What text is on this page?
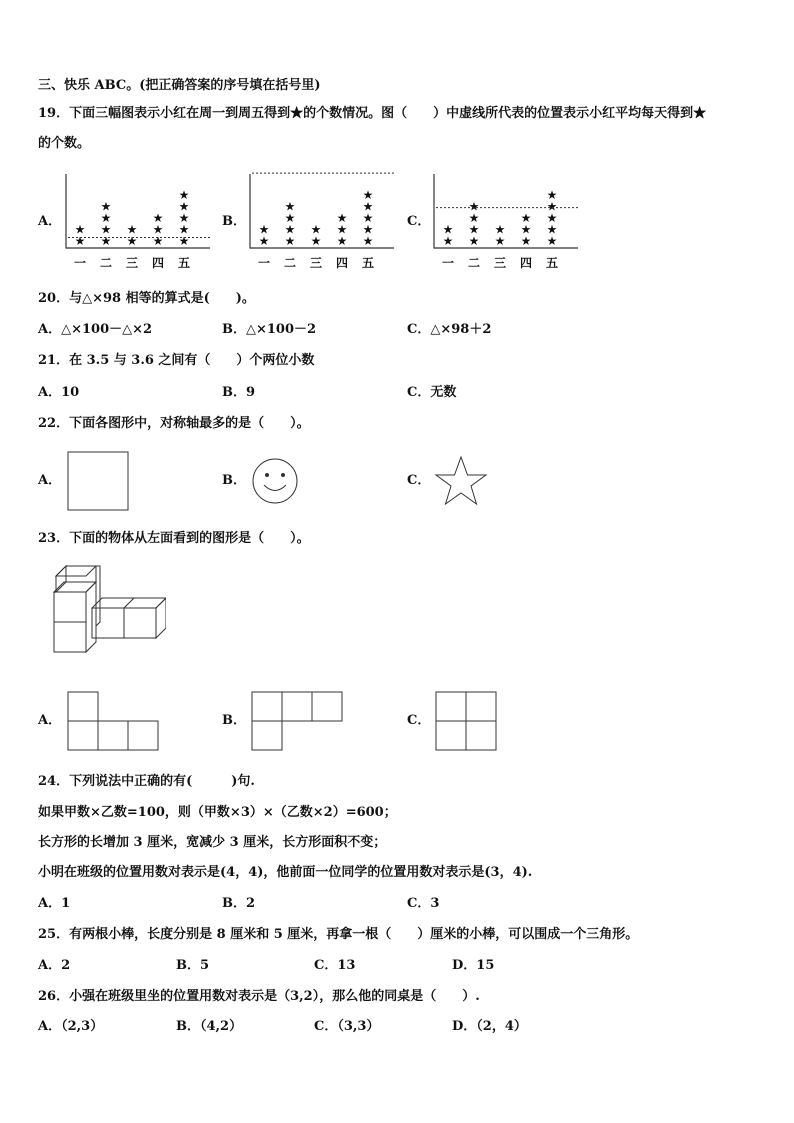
三、快乐 ABC。(把正确答案的序号填在括号里)
19．下面三幅图表示小红在周一到周五得到★的个数情况。图（　　）中虚线所代表的位置表示小红平均每天得到★
的个数。
A．
★
★
一
★
★
★
★
二
★
★
三
★
★
★
四
★
★
★
★
★
五
B．
★
★
一
★
★
★
★
二
★
★
三
★
★
★
四
★
★
★
★
★
五
C．
★
★
一
★
★
★
★
二
★
★
三
★
★
★
四
★
★
★
★
★
五
20．与△×98 相等的算式是(　　)。
A．△×100－△×2	B．△×100－2	C．△×98＋2
21．在 3.5 与 3.6 之间有（　　）个两位小数
A．10	B．9	C．无数
22．下面各图形中，对称轴最多的是（　　）。
A．	B．	C．
23．下面的物体从左面看到的图形是（　　）。
A．	B．	C．
24．下列说法中正确的有(　　　)句.
如果甲数×乙数=100，则（甲数×3）×（乙数×2）=600；
长方形的长增加 3 厘米，宽减少 3 厘米，长方形面积不变；
小明在班级的位置用数对表示是(4，4)，他前面一位同学的位置用数对表示是(3，4).
A．1	B．2	C．3
25．有两根小棒，长度分别是 8 厘米和 5 厘米，再拿一根（　　）厘米的小棒，可以围成一个三角形。
A．2	B．5	C．13	D．15
26．小强在班级里坐的位置用数对表示是（3,2），那么他的同桌是（　　）.
A．（2,3）	B．（4,2）	C．（3,3）	D．（2，4）
